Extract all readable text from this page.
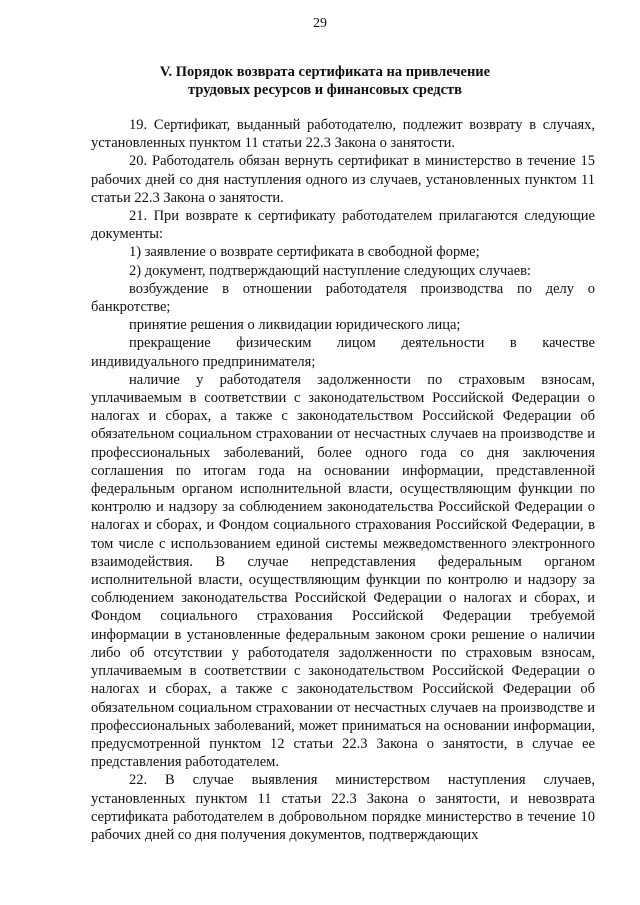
29
V. Порядок возврата сертификата на привлечение
трудовых ресурсов и финансовых средств

19. Сертификат, выданный работодателю, подлежит возврату в случаях, установленных пунктом 11 статьи 22.3 Закона о занятости.

20. Работодатель обязан вернуть сертификат в министерство в течение 15 рабочих дней со дня наступления одного из случаев, установленных пунктом 11 статьи 22.3 Закона о занятости.

21. При возврате к сертификату работодателем прилагаются следующие документы:

1) заявление о возврате сертификата в свободной форме;

2) документ, подтверждающий наступление следующих случаев:

возбуждение в отношении работодателя производства по делу о банкротстве;

принятие решения о ликвидации юридического лица;

прекращение физическим лицом деятельности в качестве индивидуального предпринимателя;

наличие у работодателя задолженности по страховым взносам, уплачиваемым в соответствии с законодательством Российской Федерации о налогах и сборах, а также с законодательством Российской Федерации об обязательном социальном страховании от несчастных случаев на производстве и профессиональных заболеваний, более одного года со дня заключения соглашения по итогам года на основании информации, представленной федеральным органом исполнительной власти, осуществляющим функции по контролю и надзору за соблюдением законодательства Российской Федерации о налогах и сборах, и Фондом социального страхования Российской Федерации, в том числе с использованием единой системы межведомственного электронного взаимодействия. В случае непредставления федеральным органом исполнительной власти, осуществляющим функции по контролю и надзору за соблюдением законодательства Российской Федерации о налогах и сборах, и Фондом социального страхования Российской Федерации требуемой информации в установленные федеральным законом сроки решение о наличии либо об отсутствии у работодателя задолженности по страховым взносам, уплачиваемым в соответствии с законодательством Российской Федерации о налогах и сборах, а также с законодательством Российской Федерации об обязательном социальном страховании от несчастных случаев на производстве и профессиональных заболеваний, может приниматься на основании информации, предусмотренной пунктом 12 статьи 22.3 Закона о занятости, в случае ее представления работодателем.

22. В случае выявления министерством наступления случаев, установленных пунктом 11 статьи 22.3 Закона о занятости, и невозврата сертификата работодателем в добровольном порядке министерство в течение 10 рабочих дней со дня получения документов, подтверждающих
